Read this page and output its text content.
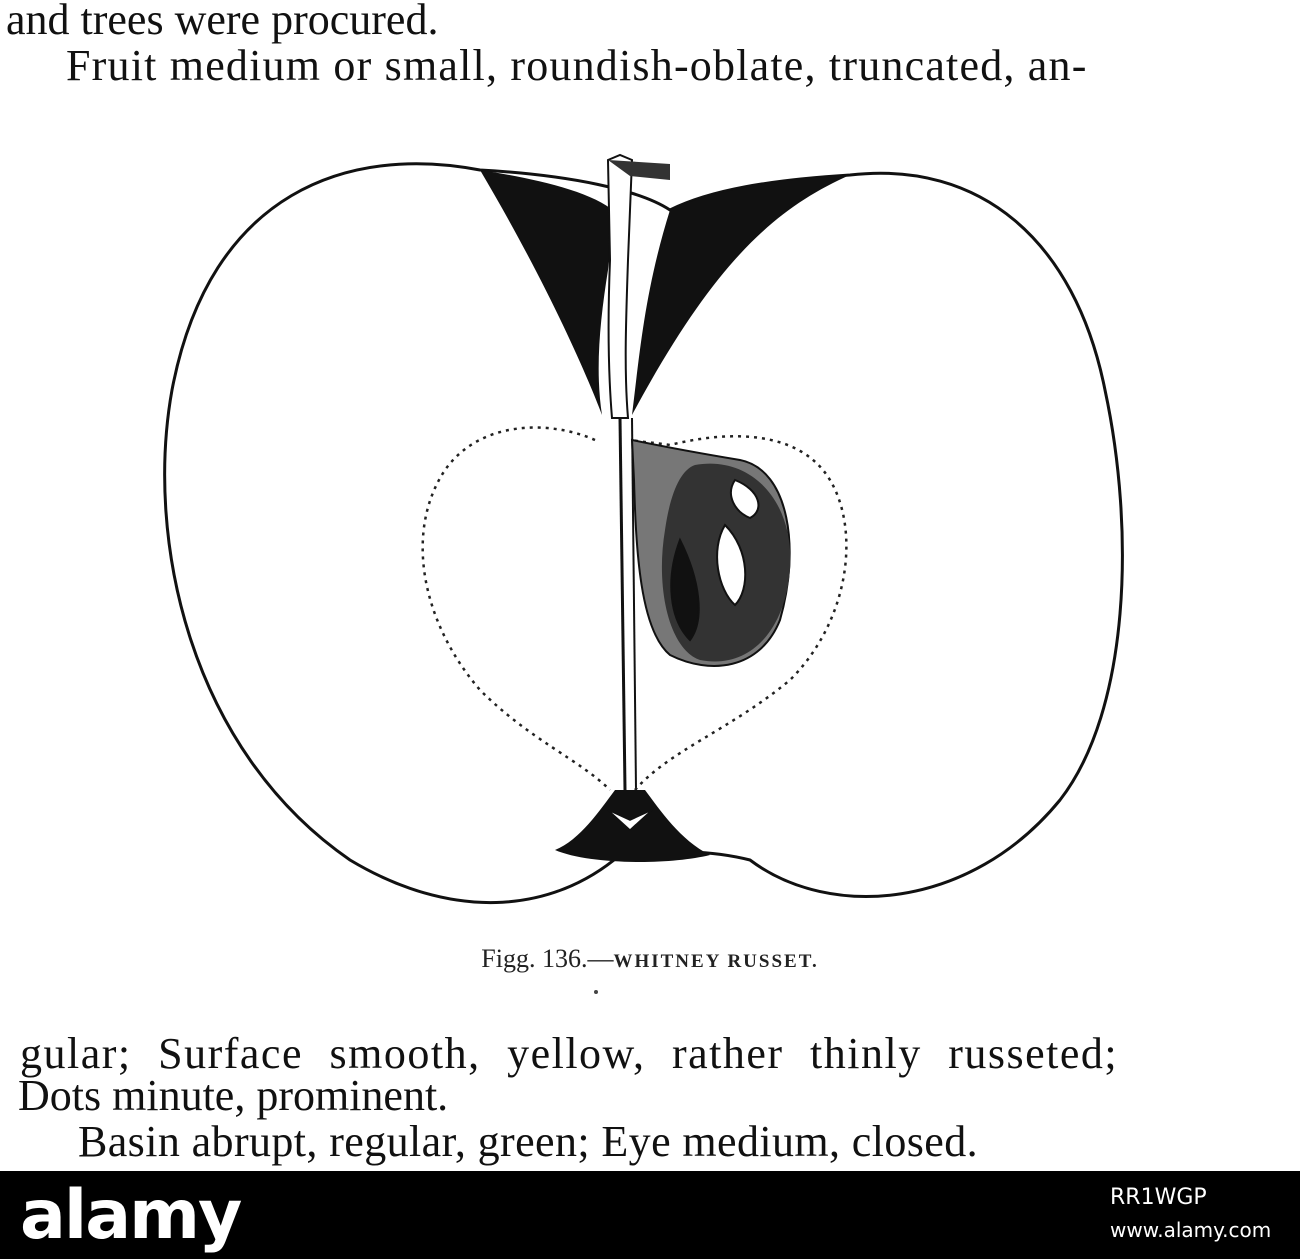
and trees were procured.
Fruit medium or small, roundish-oblate, truncated, an-
Figg. 136.—WHITNEY RUSSET.
gular; Surface smooth, yellow, rather thinly russeted;
Dots minute, prominent.
Basin abrupt, regular, green; Eye medium, closed.
alamy	RR1WGP
www.alamy.com
